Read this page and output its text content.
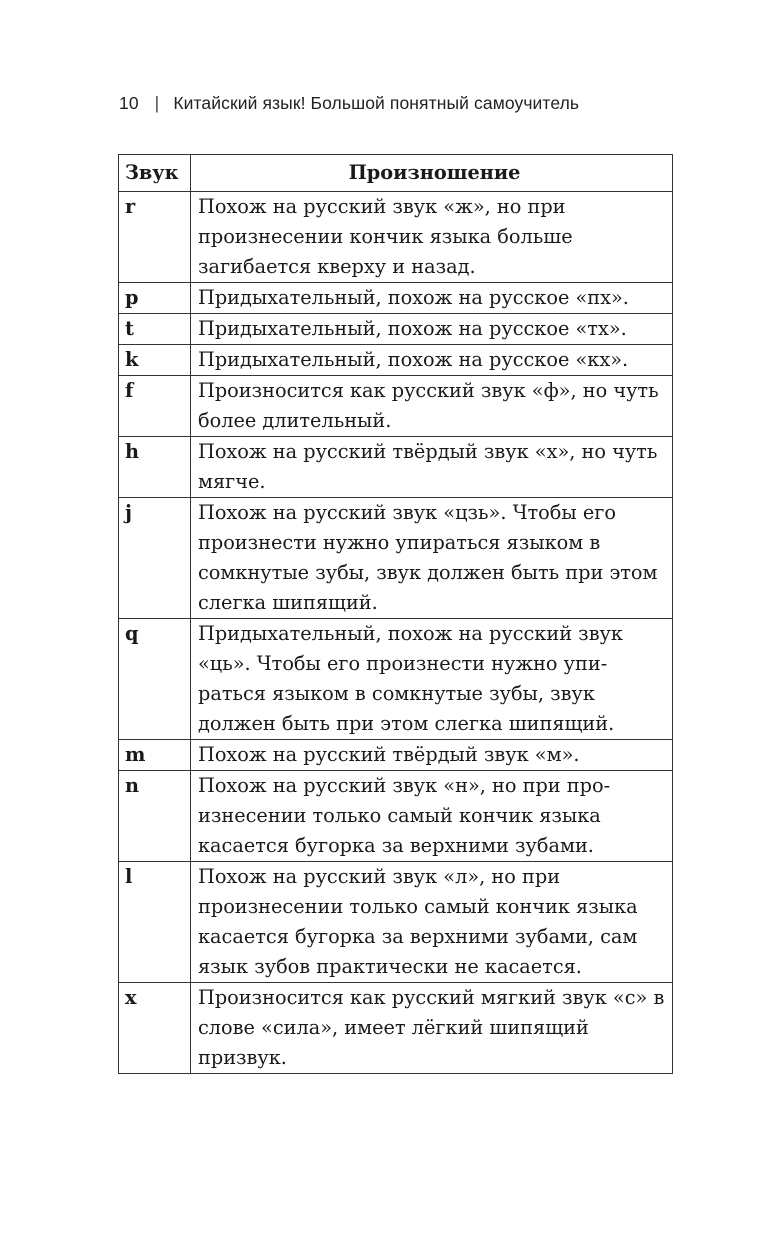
10 | Китайский язык! Большой понятный самоучитель
Звук	Произношение
r	Похож на русский звук «ж», но при произнесении кончик языка больше загибается кверху и назад.
p	Придыхательный, похож на русское «пх».
t	Придыхательный, похож на русское «тх».
k	Придыхательный, похож на русское «кх».
f	Произносится как русский звук «ф», но чуть более длительный.
h	Похож на русский твёрдый звук «х», но чуть мягче.
j	Похож на русский звук «цзь». Чтобы его произнести нужно упираться языком в сомкнутые зубы, звук должен быть при этом слегка шипящий.
q	Придыхательный, похож на русский звук «ць». Чтобы его произнести нужно упираться языком в сомкнутые зубы, звук должен быть при этом слегка шипящий.
m	Похож на русский твёрдый звук «м».
n	Похож на русский звук «н», но при произнесении только самый кончик языка касается бугорка за верхними зубами.
l	Похож на русский звук «л», но при произнесении только самый кончик языка касается бугорка за верхними зубами, сам язык зубов практически не касается.
x	Произносится как русский мягкий звук «с» в слове «сила», имеет лёгкий шипящий призвук.
